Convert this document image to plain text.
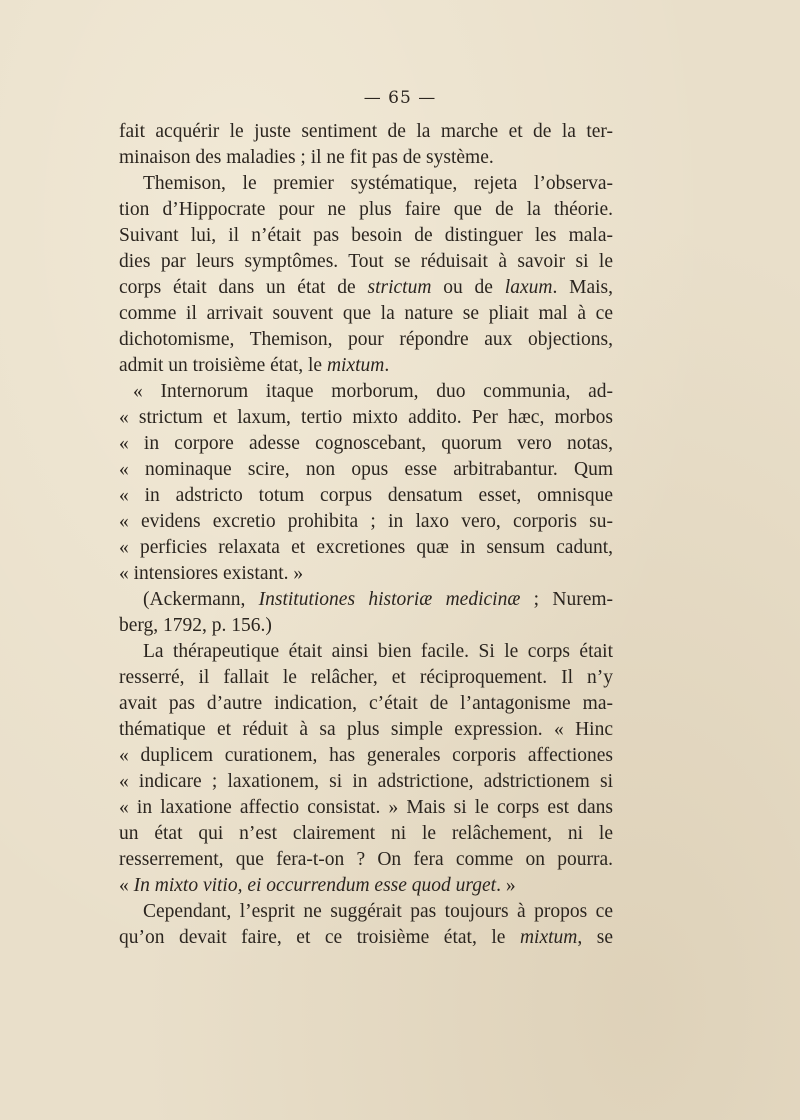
— 65 —
fait acquérir le juste sentiment de la marche et de la ter-
minaison des maladies ; il ne fit pas de système.
Themison, le premier systématique, rejeta l’observa-
tion d’Hippocrate pour ne plus faire que de la théorie.
Suivant lui, il n’était pas besoin de distinguer les mala-
dies par leurs symptômes. Tout se réduisait à savoir si le
corps était dans un état de strictum ou de laxum. Mais,
comme il arrivait souvent que la nature se pliait mal à ce
dichotomisme, Themison, pour répondre aux objections,
admit un troisième état, le mixtum.
« Internorum itaque morborum, duo communia, ad-
« strictum et laxum, tertio mixto addito. Per hæc, morbos
« in corpore adesse cognoscebant, quorum vero notas,
« nominaque scire, non opus esse arbitrabantur. Qum
« in adstricto totum corpus densatum esset, omnisque
« evidens excretio prohibita ; in laxo vero, corporis su-
« perficies relaxata et excretiones quæ in sensum cadunt,
« intensiores existant. »
(Ackermann, Institutiones historiæ medicinæ ; Nurem-
berg, 1792, p. 156.)
La thérapeutique était ainsi bien facile. Si le corps était
resserré, il fallait le relâcher, et réciproquement. Il n’y
avait pas d’autre indication, c’était de l’antagonisme ma-
thématique et réduit à sa plus simple expression. « Hinc
« duplicem curationem, has generales corporis affectiones
« indicare ; laxationem, si in adstrictione, adstrictionem si
« in laxatione affectio consistat. » Mais si le corps est dans
un état qui n’est clairement ni le relâchement, ni le
resserrement, que fera-t-on ? On fera comme on pourra.
« In mixto vitio, ei occurrendum esse quod urget. »
Cependant, l’esprit ne suggérait pas toujours à propos ce
qu’on devait faire, et ce troisième état, le mixtum, se
